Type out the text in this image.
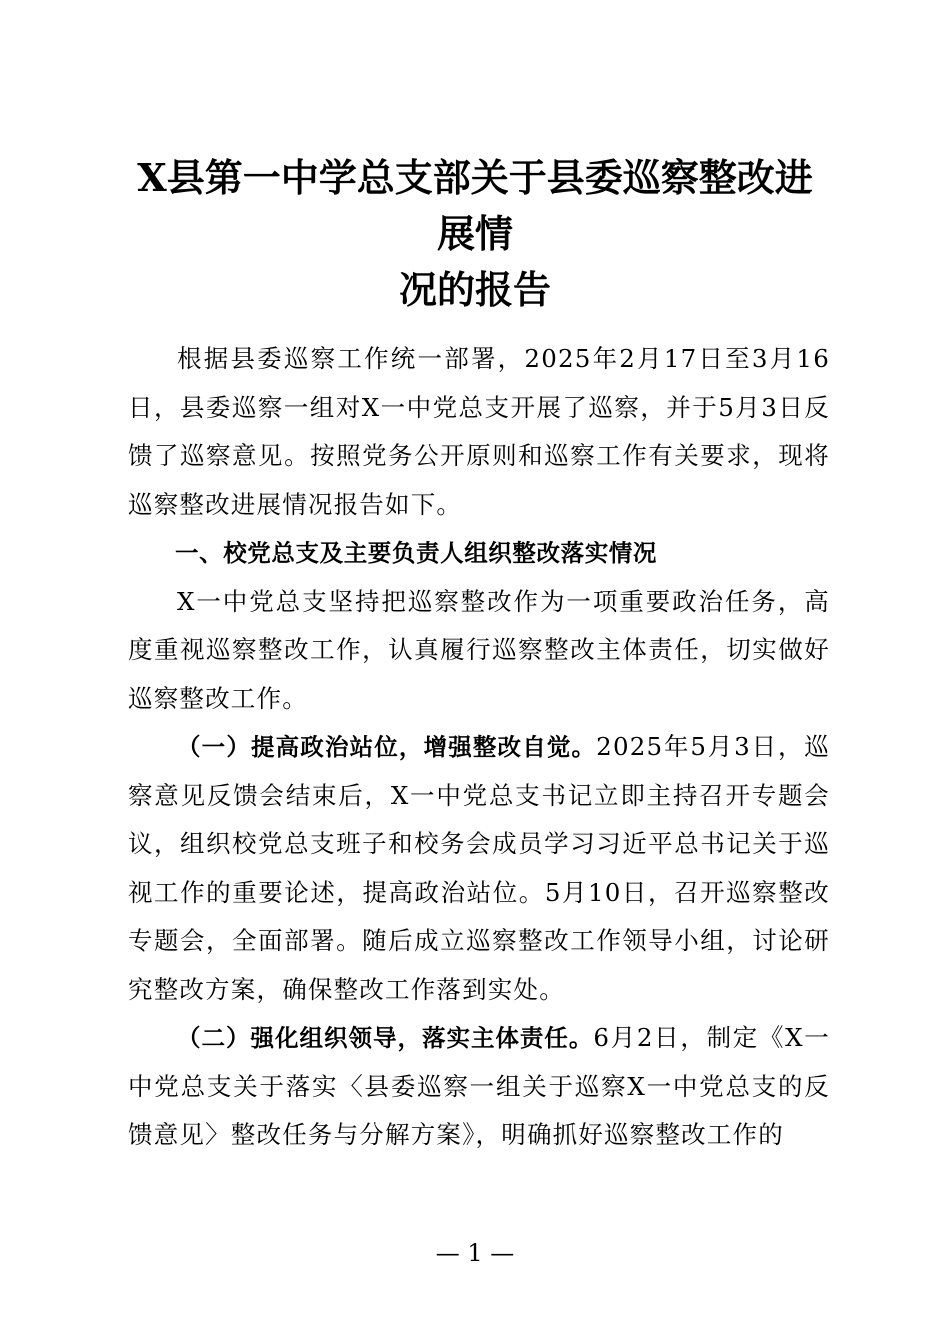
X县第一中学总支部关于县委巡察整改进展情
况的报告

根据县委巡察工作统一部署，2025年2月17日至3月16日，县委巡察一组对X一中党总支开展了巡察，并于5月3日反馈了巡察意见。按照党务公开原则和巡察工作有关要求，现将巡察整改进展情况报告如下。

一、校党总支及主要负责人组织整改落实情况

X一中党总支坚持把巡察整改作为一项重要政治任务，高度重视巡察整改工作，认真履行巡察整改主体责任，切实做好巡察整改工作。

（一）提高政治站位，增强整改自觉。2025年5月3日，巡察意见反馈会结束后，X一中党总支书记立即主持召开专题会议，组织校党总支班子和校务会成员学习习近平总书记关于巡视工作的重要论述，提高政治站位。5月10日，召开巡察整改专题会，全面部署。随后成立巡察整改工作领导小组，讨论研究整改方案，确保整改工作落到实处。

（二）强化组织领导，落实主体责任。6月2日，制定《X一中党总支关于落实〈县委巡察一组关于巡察X一中党总支的反馈意见〉整改任务与分解方案》，明确抓好巡察整改工作的

— 1 —
